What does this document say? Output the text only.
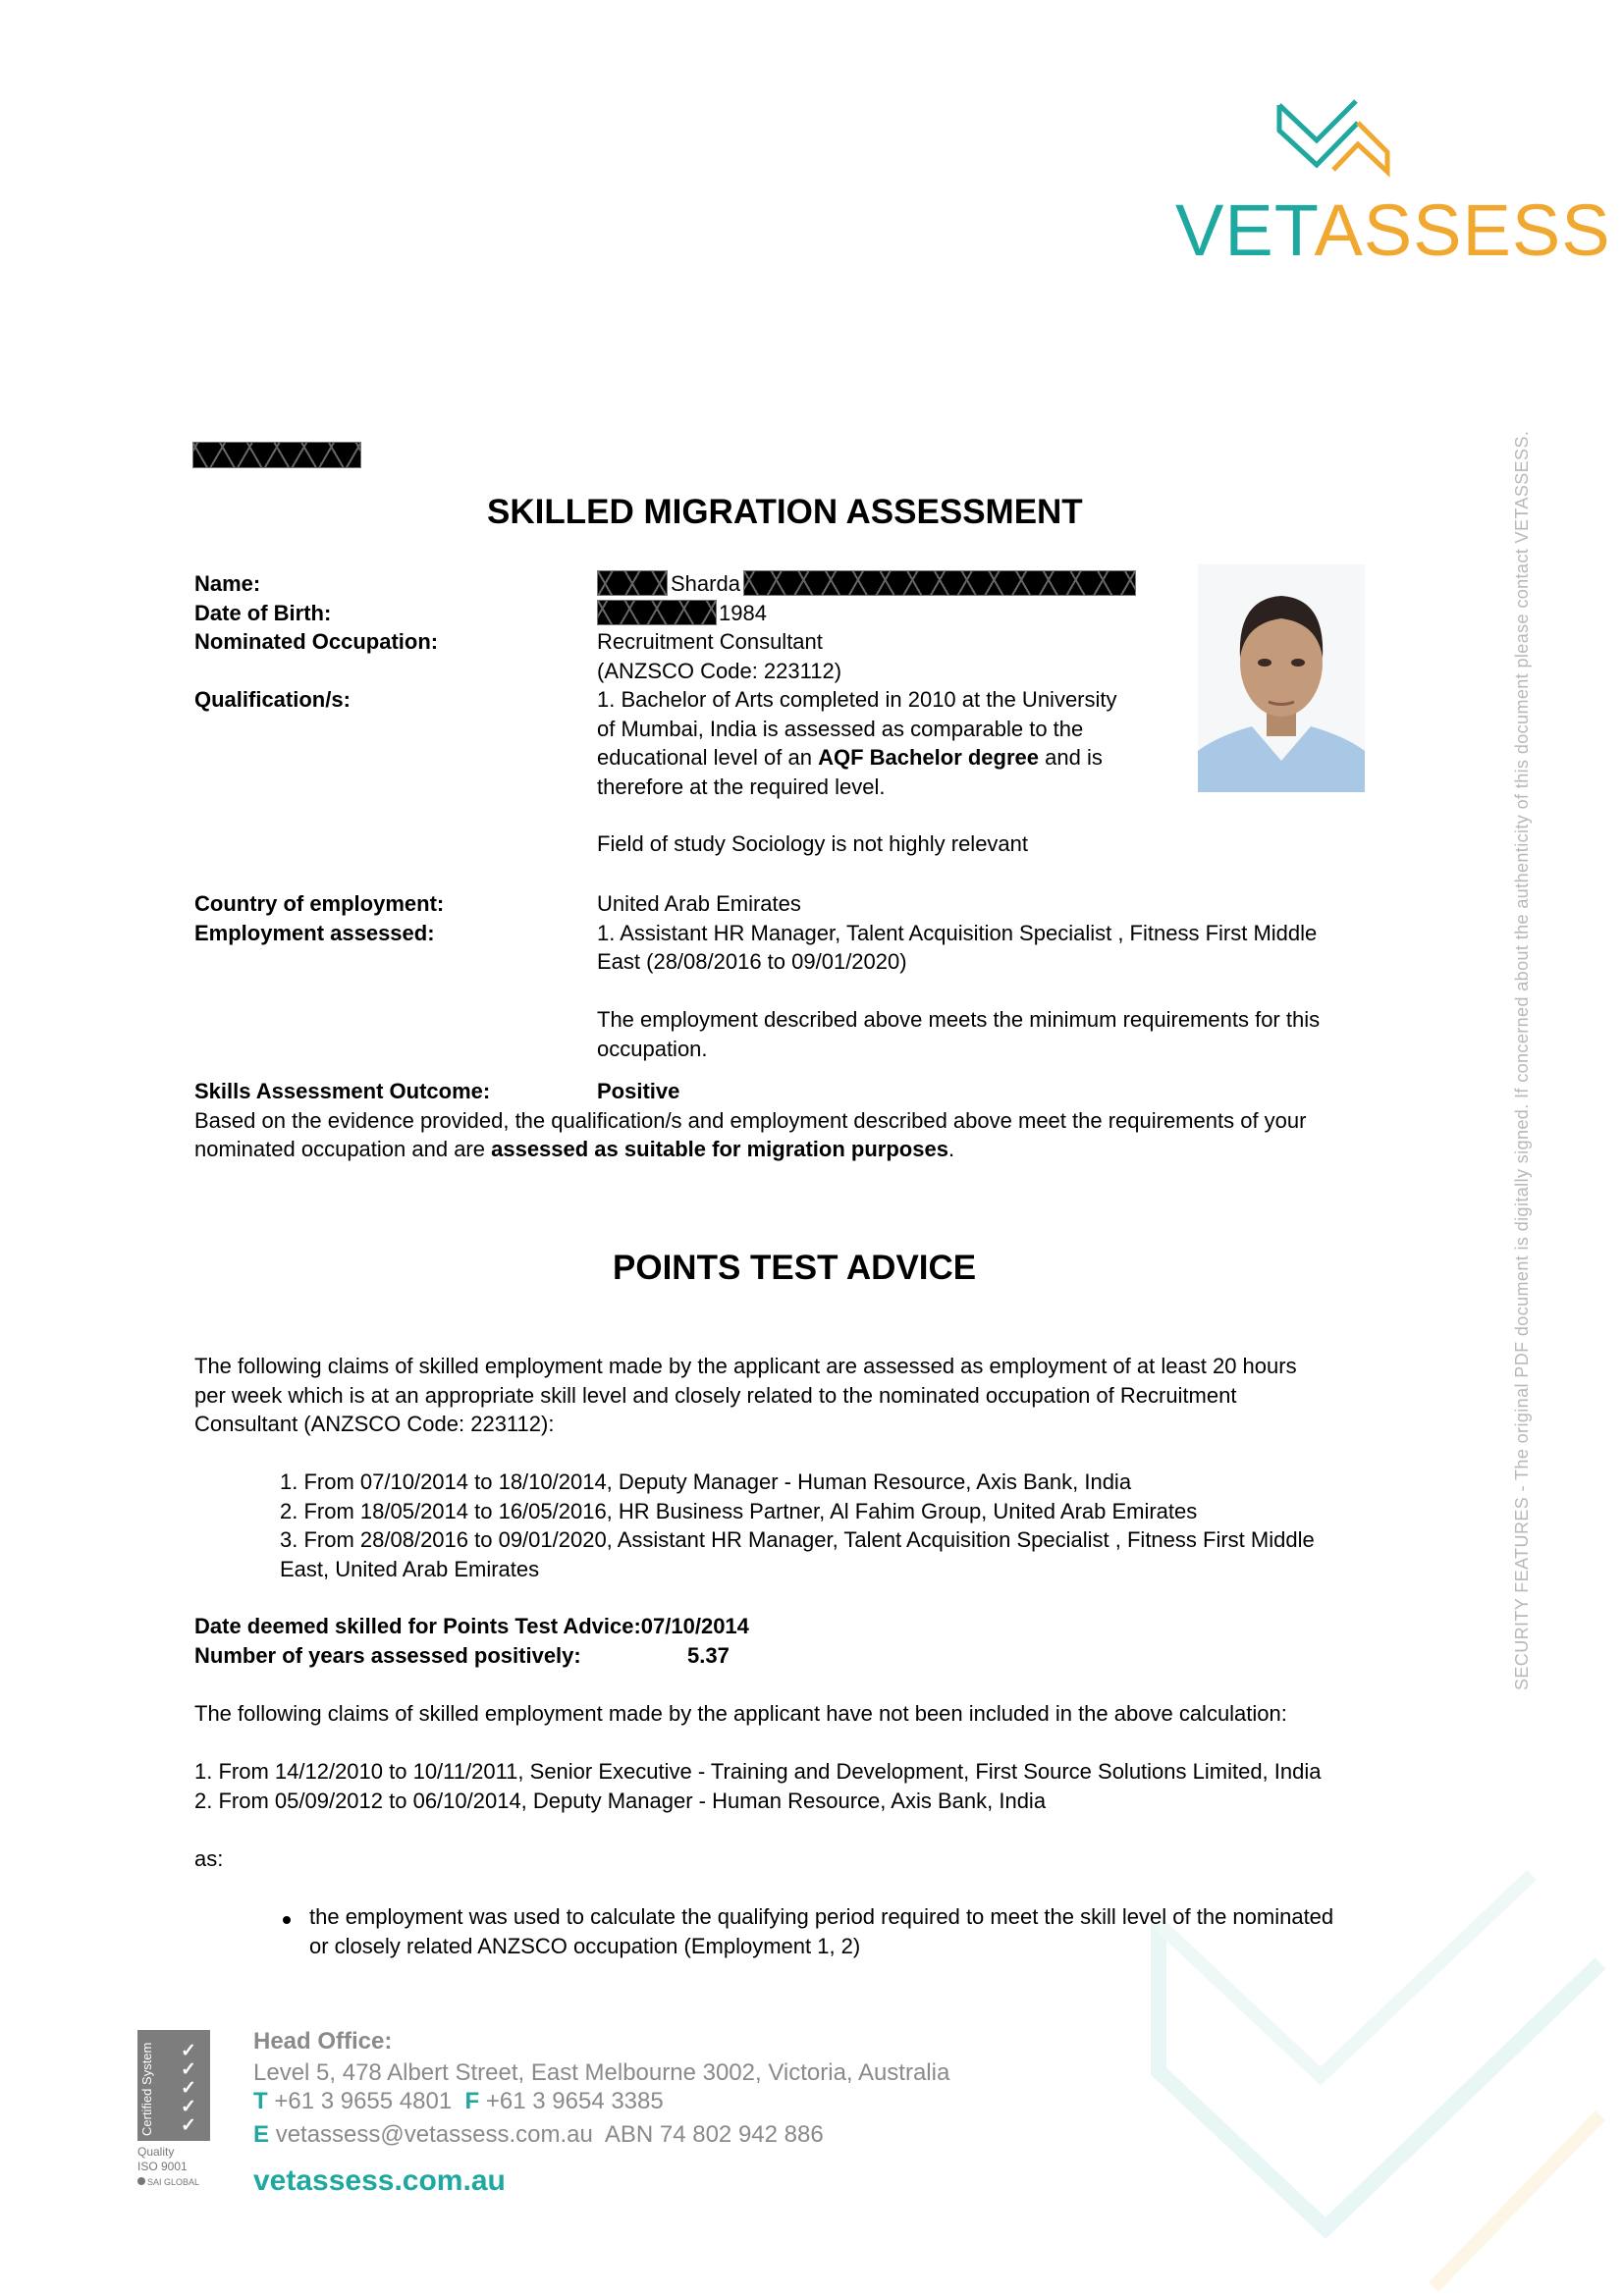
VETASSESS
SECURITY FEATURES - The original PDF document is digitally signed. If concerned about the authenticity of this document please contact VETASSESS.
SKILLED MIGRATION ASSESSMENT
Name:
Date of Birth:
Nominated Occupation:
Qualification/s:
Sharda
1984
Recruitment Consultant
(ANZSCO Code: 223112)
1. Bachelor of Arts completed in 2010 at the University
of Mumbai, India is assessed as comparable to the
educational level of an AQF Bachelor degree and is
therefore at the required level.
Field of study Sociology is not highly relevant
Country of employment:
Employment assessed:
United Arab Emirates
1. Assistant HR Manager, Talent Acquisition Specialist , Fitness First Middle
East (28/08/2016 to 09/01/2020)
The employment described above meets the minimum requirements for this
occupation.
Skills Assessment Outcome:	Positive
Based on the evidence provided, the qualification/s and employment described above meet the requirements of your
nominated occupation and are assessed as suitable for migration purposes.
POINTS TEST ADVICE
The following claims of skilled employment made by the applicant are assessed as employment of at least 20 hours
per week which is at an appropriate skill level and closely related to the nominated occupation of Recruitment
Consultant (ANZSCO Code: 223112):
1. From 07/10/2014 to 18/10/2014, Deputy Manager - Human Resource, Axis Bank, India
2. From 18/05/2014 to 16/05/2016, HR Business Partner, Al Fahim Group, United Arab Emirates
3. From 28/08/2016 to 09/01/2020, Assistant HR Manager, Talent Acquisition Specialist , Fitness First Middle
East, United Arab Emirates
Date deemed skilled for Points Test Advice:07/10/2014
Number of years assessed positively:	5.37
The following claims of skilled employment made by the applicant have not been included in the above calculation:
1. From 14/12/2010 to 10/11/2011, Senior Executive - Training and Development, First Source Solutions Limited, India
2. From 05/09/2012 to 06/10/2014, Deputy Manager - Human Resource, Axis Bank, India
as:
the employment was used to calculate the qualifying period required to meet the skill level of the nominated
or closely related ANZSCO occupation (Employment 1, 2)
Certified System ✓
✓
✓
✓
✓
Quality
ISO 9001
SAI GLOBAL
Head Office:
Level 5, 478 Albert Street, East Melbourne 3002, Victoria, Australia
T +61 3 9655 4801 F +61 3 9654 3385
E vetassess@vetassess.com.au ABN 74 802 942 886
vetassess.com.au
